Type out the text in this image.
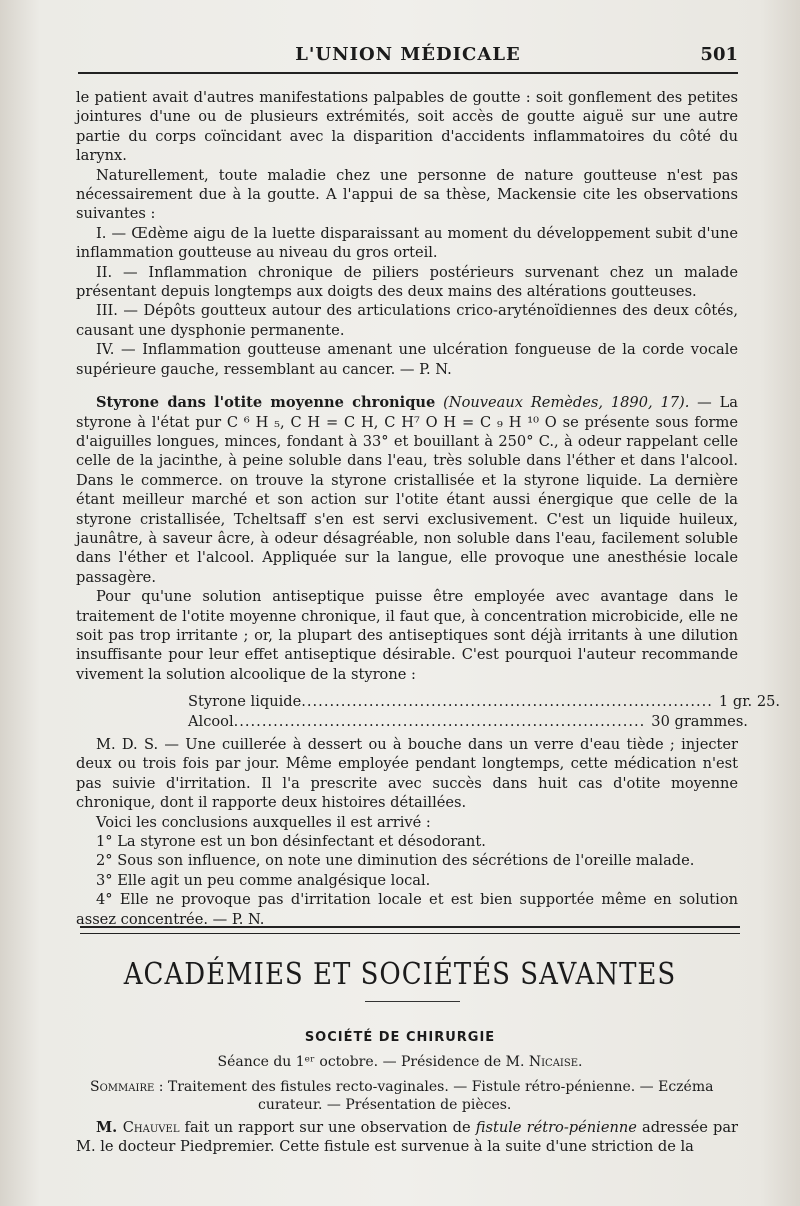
L'UNION MÉDICALE	501

le patient avait d'autres manifestations palpables de goutte : soit gonflement des petites jointures d'une ou de plusieurs extrémités, soit accès de goutte aiguë sur une autre partie du corps coïncidant avec la disparition d'accidents inflammatoires du côté du larynx.

Naturellement, toute maladie chez une personne de nature goutteuse n'est pas nécessairement due à la goutte. A l'appui de sa thèse, Mackensie cite les observations suivantes :

I. — Œdème aigu de la luette disparaissant au moment du développement subit d'une inflammation goutteuse au niveau du gros orteil.

II. — Inflammation chronique de piliers postérieurs survenant chez un malade présentant depuis longtemps aux doigts des deux mains des altérations goutteuses.

III. — Dépôts goutteux autour des articulations crico-aryténoïdiennes des deux côtés, causant une dysphonie permanente.

IV. — Inflammation goutteuse amenant une ulcération fongueuse de la corde vocale supérieure gauche, ressemblant au cancer. — P. N.

Styrone dans l'otite moyenne chronique (Nouveaux Remèdes, 1890, 17). — La styrone à l'état pur C ⁶ H ₅, C H = C H, C H⁷ O H = C ₉ H ¹⁰ O se présente sous forme d'aiguilles longues, minces, fondant à 33° et bouillant à 250° C., à odeur rappelant celle celle de la jacinthe, à peine soluble dans l'eau, très soluble dans l'éther et dans l'alcool. Dans le commerce. on trouve la styrone cristallisée et la styrone liquide. La dernière étant meilleur marché et son action sur l'otite étant aussi énergique que celle de la styrone cristallisée, Tcheltsaff s'en est servi exclusivement. C'est un liquide huileux, jaunâtre, à saveur âcre, à odeur désagréable, non soluble dans l'eau, facilement soluble dans l'éther et l'alcool. Appliquée sur la langue, elle provoque une anesthésie locale passagère.

Pour qu'une solution antiseptique puisse être employée avec avantage dans le traitement de l'otite moyenne chronique, il faut que, à concentration microbicide, elle ne soit pas trop irritante ; or, la plupart des antiseptiques sont déjà irritants à une dilution insuffisante pour leur effet antiseptique désirable. C'est pourquoi l'auteur recommande vivement la solution alcoolique de la styrone :

Styrone liquide ......................................................................... 1 gr. 25.
Alcool ......................................................................... 30 grammes.

M. D. S. — Une cuillerée à dessert ou à bouche dans un verre d'eau tiède ; injecter deux ou trois fois par jour. Même employée pendant longtemps, cette médication n'est pas suivie d'irritation. Il l'a prescrite avec succès dans huit cas d'otite moyenne chronique, dont il rapporte deux histoires détaillées.

Voici les conclusions auxquelles il est arrivé :

1° La styrone est un bon désinfectant et désodorant.

2° Sous son influence, on note une diminution des sécrétions de l'oreille malade.

3° Elle agit un peu comme analgésique local.

4° Elle ne provoque pas d'irritation locale et est bien supportée même en solution assez concentrée. — P. N.

ACADÉMIES ET SOCIÉTÉS SAVANTES
SOCIÉTÉ DE CHIRURGIE
Séance du 1ᵉʳ octobre. — Présidence de M. Nicaise.
Sommaire : Traitement des fistules recto-vaginales. — Fistule rétro-pénienne. — Eczéma
curateur. — Présentation de pièces.

M. Chauvel fait un rapport sur une observation de fistule rétro-pénienne adressée par M. le docteur Piedpremier. Cette fistule est survenue à la suite d'une striction de la
